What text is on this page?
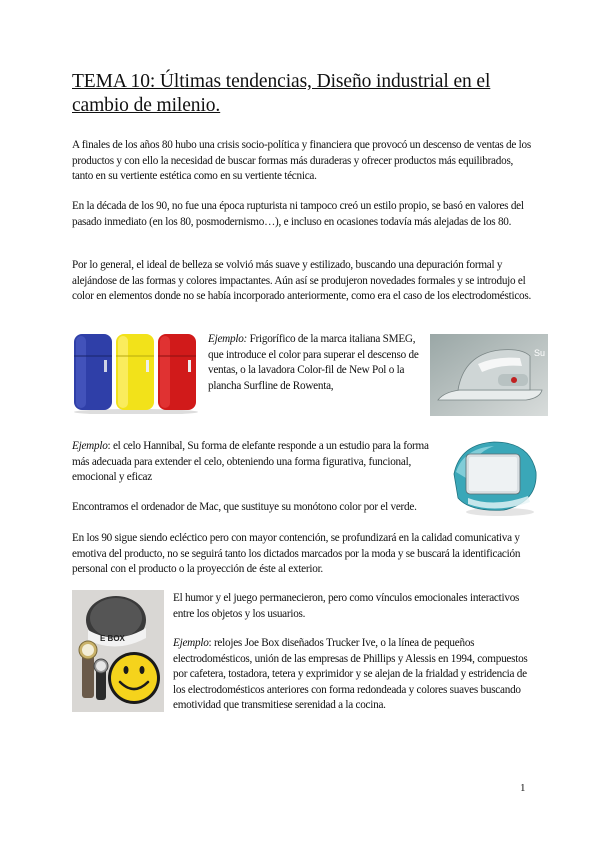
TEMA 10: Últimas tendencias, Diseño industrial en el cambio de milenio.

A finales de los años 80 hubo una crisis socio-política y financiera que provocó un descenso de ventas de los productos y con ello la necesidad de buscar formas más duraderas y ofrecer productos más equilibrados, tanto en su vertiente estética como en su vertiente técnica.

En la década de los 90, no fue una época rupturista ni tampoco creó un estilo propio, se basó en valores del pasado inmediato (en los 80, posmodernismo…), e incluso en ocasiones todavía más alejadas de los 80.

Por lo general, el ideal de belleza se volvió más suave y estilizado, buscando una depuración formal y alejándose de las formas y colores impactantes. Aún así se produjeron novedades formales y se introdujo el color en elementos donde no se había incorporado anteriormente, como era el caso de los electrodomésticos.

Ejemplo: Frigorífico de la marca italiana SMEG, que introduce el color para superar el descenso de ventas, o la lavadora Color-fil de New Pol o la plancha Surfline de Rowenta,

Su

Ejemplo: el celo Hannibal, Su forma de elefante responde a un estudio para la forma más adecuada para extender el celo, obteniendo una forma figurativa, funcional, emocional y eficaz

Encontramos el ordenador de Mac, que sustituye su monótono color por el verde.

En los 90 sigue siendo ecléctico pero con mayor contención, se profundizará en la calidad comunicativa y emotiva del producto, no se seguirá tanto los dictados marcados por la moda y se buscará la identificación personal con el producto o la proyección de éste al exterior.

E BOX

El humor y el juego permanecieron, pero como vínculos emocionales interactivos entre los objetos y los usuarios.

Ejemplo: relojes Joe Box diseñados Trucker Ive, o la línea de pequeños electrodomésticos, unión de las empresas de Phillips y Alessis en 1994, compuestos por cafetera, tostadora, tetera y exprimidor y se alejan de la frialdad y estridencia de los electrodomésticos anteriores con forma redondeada y colores suaves buscando emotividad que transmitiese serenidad a la cocina.

1
